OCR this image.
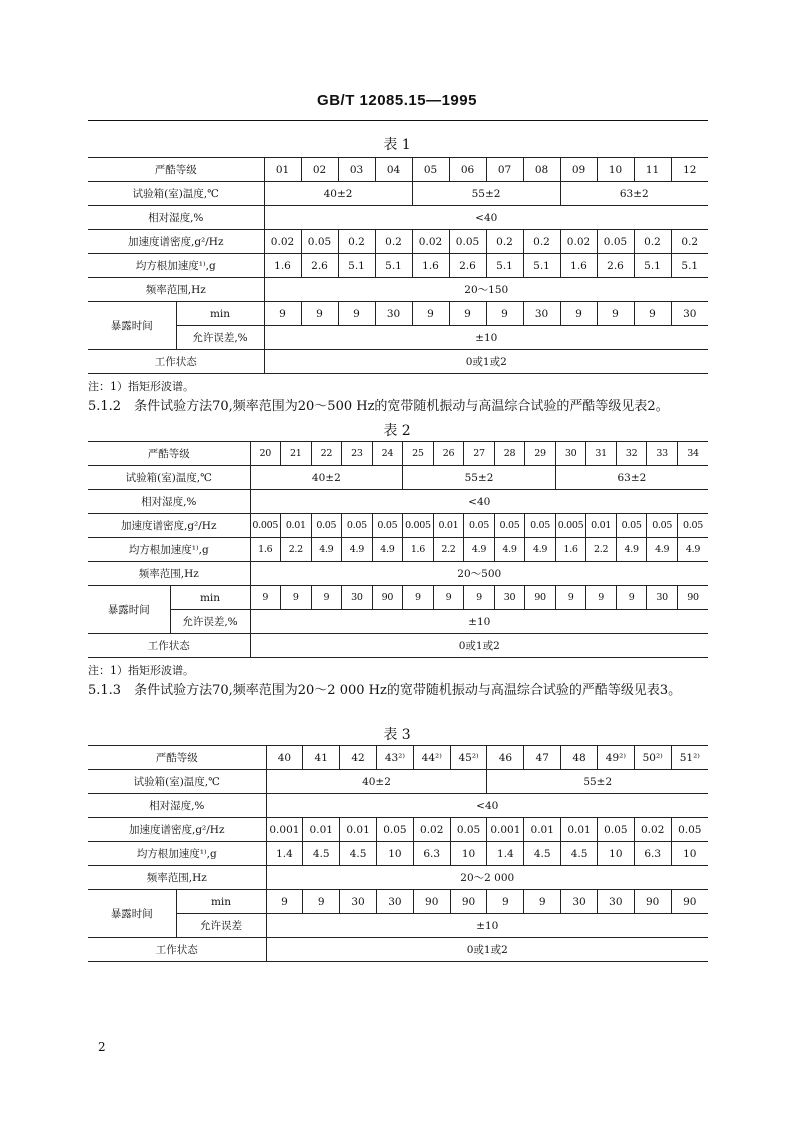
GB/T 12085.15—1995
表 1
严酷等级		01	02	03	04	05	06	07	08	09	10	11	12
试验箱(室)温度,℃		40±2				55±2				63±2			
相对湿度,%		<40											
加速度谱密度,g²/Hz		0.02	0.05	0.2	0.2	0.02	0.05	0.2	0.2	0.02	0.05	0.2	0.2
均方根加速度¹⁾,g		1.6	2.6	5.1	5.1	1.6	2.6	5.1	5.1	1.6	2.6	5.1	5.1
频率范围,Hz		20～150											
暴露时间	min	9	9	9	30	9	9	9	30	9	9	9	30
	允许误差,%	±10											
工作状态		0或1或2											
注：1）指矩形波谱。
5.1.2　条件试验方法70,频率范围为20～500 Hz的宽带随机振动与高温综合试验的严酷等级见表2。
表 2
严酷等级		20	21	22	23	24	25	26	27	28	29	30	31	32	33	34
试验箱(室)温度,℃		40±2					55±2					63±2				
相对湿度,%		<40														
加速度谱密度,g²/Hz		0.005	0.01	0.05	0.05	0.05	0.005	0.01	0.05	0.05	0.05	0.005	0.01	0.05	0.05	0.05
均方根加速度¹⁾,g		1.6	2.2	4.9	4.9	4.9	1.6	2.2	4.9	4.9	4.9	1.6	2.2	4.9	4.9	4.9
频率范围,Hz		20～500														
暴露时间	min	9	9	9	30	90	9	9	9	30	90	9	9	9	30	90
	允许误差,%	±10														
工作状态		0或1或2														
注：1）指矩形波谱。
5.1.3　条件试验方法70,频率范围为20～2 000 Hz的宽带随机振动与高温综合试验的严酷等级见表3。
表 3
严酷等级		40	41	42	43²⁾	44²⁾	45²⁾	46	47	48	49²⁾	50²⁾	51²⁾
试验箱(室)温度,℃		40±2						55±2					
相对湿度,%		<40											
加速度谱密度,g²/Hz		0.001	0.01	0.01	0.05	0.02	0.05	0.001	0.01	0.01	0.05	0.02	0.05
均方根加速度¹⁾,g		1.4	4.5	4.5	10	6.3	10	1.4	4.5	4.5	10	6.3	10
频率范围,Hz		20～2 000											
暴露时间	min	9	9	30	30	90	90	9	9	30	30	90	90
	允许误差	±10											
工作状态		0或1或2											
2
